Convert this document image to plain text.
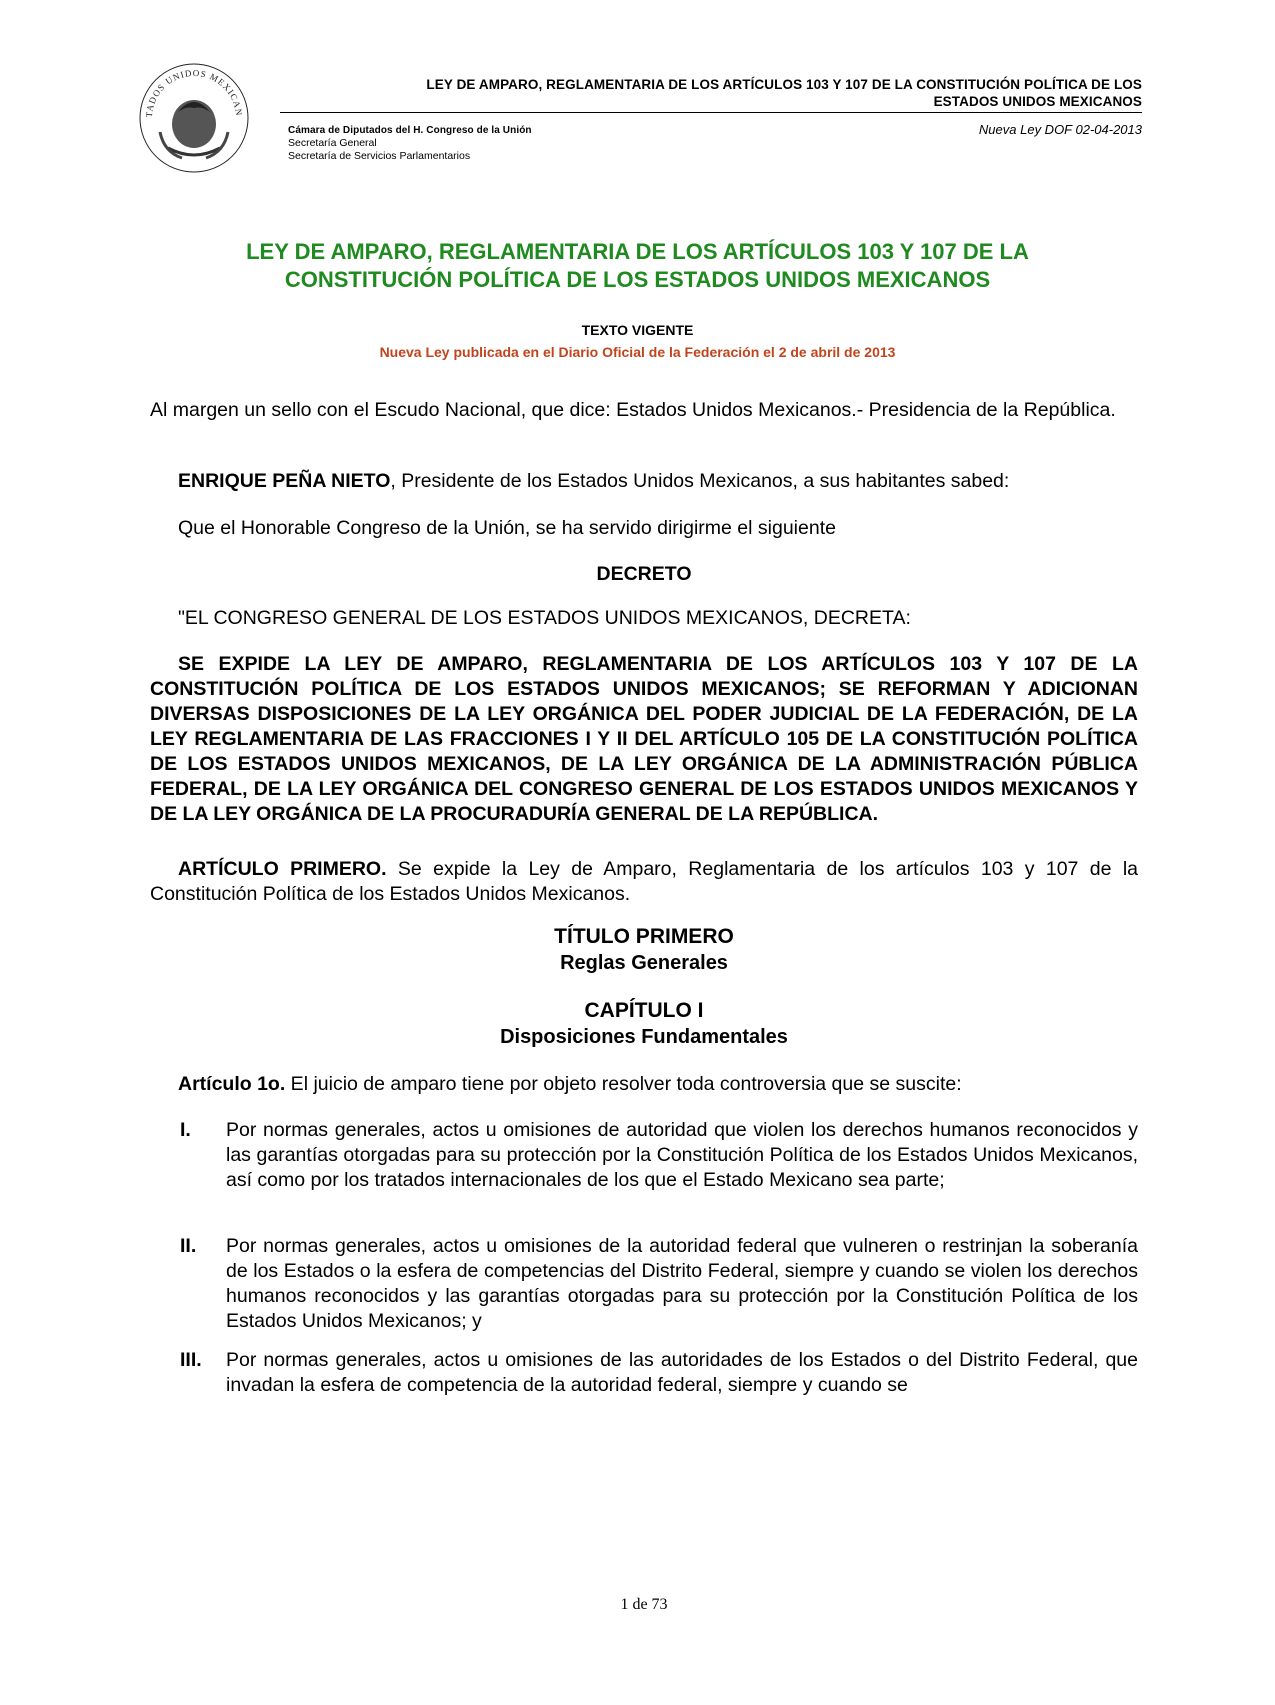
TADOS UNIDOS MEXICAN
LEY DE AMPARO, REGLAMENTARIA DE LOS ARTÍCULOS 103 Y 107 DE LA CONSTITUCIÓN POLÍTICA DE LOS
ESTADOS UNIDOS MEXICANOS
Cámara de Diputados del H. Congreso de la Unión
Secretaría General
Secretaría de Servicios Parlamentarios
Nueva Ley DOF 02-04-2013
LEY DE AMPARO, REGLAMENTARIA DE LOS ARTÍCULOS 103 Y 107 DE LA
CONSTITUCIÓN POLÍTICA DE LOS ESTADOS UNIDOS MEXICANOS
TEXTO VIGENTE
Nueva Ley publicada en el Diario Oficial de la Federación el 2 de abril de 2013
Al margen un sello con el Escudo Nacional, que dice: Estados Unidos Mexicanos.- Presidencia de la República.
ENRIQUE PEÑA NIETO, Presidente de los Estados Unidos Mexicanos, a sus habitantes sabed:
Que el Honorable Congreso de la Unión, se ha servido dirigirme el siguiente
DECRETO
"EL CONGRESO GENERAL DE LOS ESTADOS UNIDOS MEXICANOS, DECRETA:
SE EXPIDE LA LEY DE AMPARO, REGLAMENTARIA DE LOS ARTÍCULOS 103 Y 107 DE LA CONSTITUCIÓN POLÍTICA DE LOS ESTADOS UNIDOS MEXICANOS; SE REFORMAN Y ADICIONAN DIVERSAS DISPOSICIONES DE LA LEY ORGÁNICA DEL PODER JUDICIAL DE LA FEDERACIÓN, DE LA LEY REGLAMENTARIA DE LAS FRACCIONES I Y II DEL ARTÍCULO 105 DE LA CONSTITUCIÓN POLÍTICA DE LOS ESTADOS UNIDOS MEXICANOS, DE LA LEY ORGÁNICA DE LA ADMINISTRACIÓN PÚBLICA FEDERAL, DE LA LEY ORGÁNICA DEL CONGRESO GENERAL DE LOS ESTADOS UNIDOS MEXICANOS Y DE LA LEY ORGÁNICA DE LA PROCURADURÍA GENERAL DE LA REPÚBLICA.
ARTÍCULO PRIMERO. Se expide la Ley de Amparo, Reglamentaria de los artículos 103 y 107 de la Constitución Política de los Estados Unidos Mexicanos.
TÍTULO PRIMERO
Reglas Generales
CAPÍTULO I
Disposiciones Fundamentales
Artículo 1o. El juicio de amparo tiene por objeto resolver toda controversia que se suscite:
I. Por normas generales, actos u omisiones de autoridad que violen los derechos humanos reconocidos y las garantías otorgadas para su protección por la Constitución Política de los Estados Unidos Mexicanos, así como por los tratados internacionales de los que el Estado Mexicano sea parte;
II. Por normas generales, actos u omisiones de la autoridad federal que vulneren o restrinjan la soberanía de los Estados o la esfera de competencias del Distrito Federal, siempre y cuando se violen los derechos humanos reconocidos y las garantías otorgadas para su protección por la Constitución Política de los Estados Unidos Mexicanos; y
III. Por normas generales, actos u omisiones de las autoridades de los Estados o del Distrito Federal, que invadan la esfera de competencia de la autoridad federal, siempre y cuando se
1 de 73
